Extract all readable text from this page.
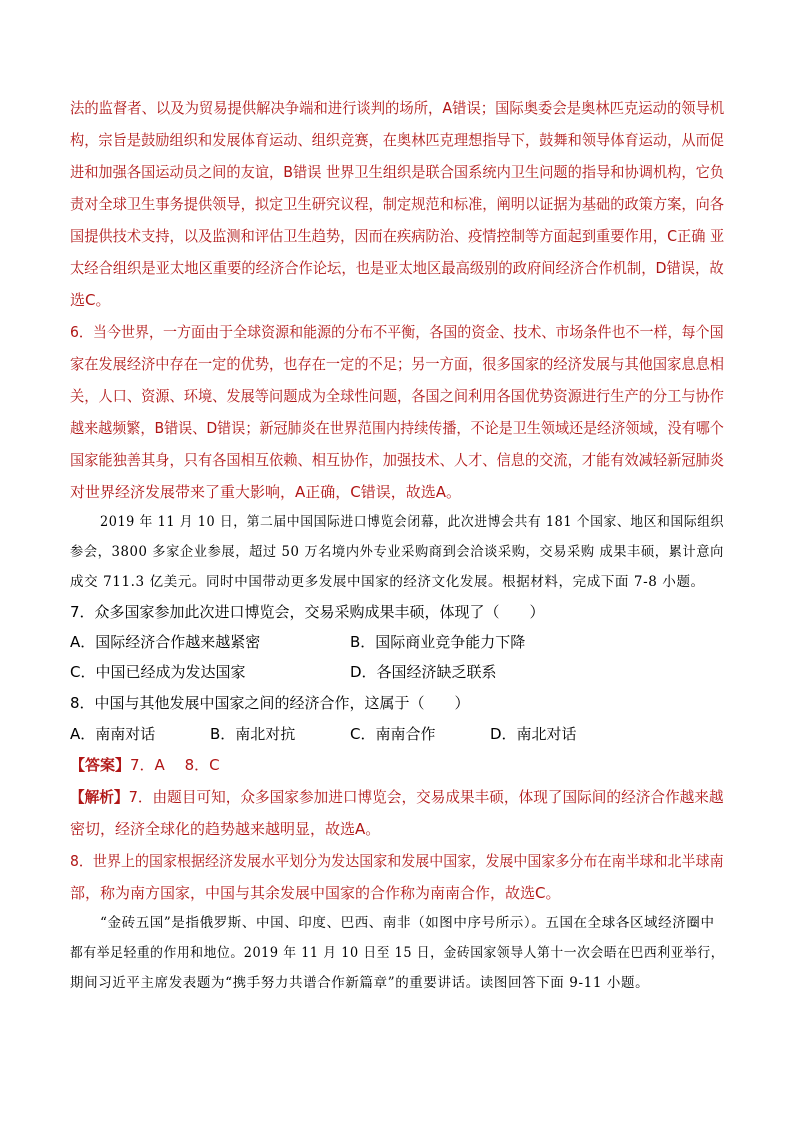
法的监督者、以及为贸易提供解决争端和进行谈判的场所，A错误；国际奥委会是奥林匹克运动的领导机
构，宗旨是鼓励组织和发展体育运动、组织竞赛，在奥林匹克理想指导下，鼓舞和领导体育运动，从而促
进和加强各国运动员之间的友谊，B错误 世界卫生组织是联合国系统内卫生问题的指导和协调机构，它负
责对全球卫生事务提供领导，拟定卫生研究议程，制定规范和标准，阐明以证据为基础的政策方案，向各
国提供技术支持，以及监测和评估卫生趋势，因而在疾病防治、疫情控制等方面起到重要作用，C正确 亚
太经合组织是亚太地区重要的经济合作论坛，也是亚太地区最高级别的政府间经济合作机制，D错误，故
选C。
6．当今世界，一方面由于全球资源和能源的分布不平衡，各国的资金、技术、市场条件也不一样，每个国
家在发展经济中存在一定的优势，也存在一定的不足；另一方面，很多国家的经济发展与其他国家息息相
关，人口、资源、环境、发展等问题成为全球性问题，各国之间利用各国优势资源进行生产的分工与协作
越来越频繁，B错误、D错误；新冠肺炎在世界范围内持续传播，不论是卫生领域还是经济领域，没有哪个
国家能独善其身，只有各国相互依赖、相互协作，加强技术、人才、信息的交流，才能有效减轻新冠肺炎
对世界经济发展带来了重大影响，A正确，C错误，故选A。
2019 年 11 月 10 日，第二届中国国际进口博览会闭幕，此次进博会共有 181 个国家、地区和国际组织
参会，3800 多家企业参展，超过 50 万名境内外专业采购商到会洽谈采购，交易采购 成果丰硕，累计意向
成交 711.3 亿美元。同时中国带动更多发展中国家的经济文化发展。根据材料，完成下面 7-8 小题。
7．众多国家参加此次进口博览会，交易采购成果丰硕，体现了（　　）
A．国际经济合作越来越紧密	B．国际商业竞争能力下降
C．中国已经成为发达国家	D．各国经济缺乏联系
8．中国与其他发展中国家之间的经济合作，这属于（　　）
A．南南对话	B．南北对抗	C．南南合作	D．南北对话
【答案】7．A　 8．C
【解析】7．由题目可知，众多国家参加进口博览会，交易成果丰硕，体现了国际间的经济合作越来越
密切，经济全球化的趋势越来越明显，故选A。
8．世界上的国家根据经济发展水平划分为发达国家和发展中国家，发展中国家多分布在南半球和北半球南
部，称为南方国家，中国与其余发展中国家的合作称为南南合作，故选C。
“金砖五国”是指俄罗斯、中国、印度、巴西、南非（如图中序号所示）。五国在全球各区域经济圈中
都有举足轻重的作用和地位。2019 年 11 月 10 日至 15 日，金砖国家领导人第十一次会晤在巴西利亚举行，
期间习近平主席发表题为“携手努力共谱合作新篇章”的重要讲话。读图回答下面 9-11 小题。
